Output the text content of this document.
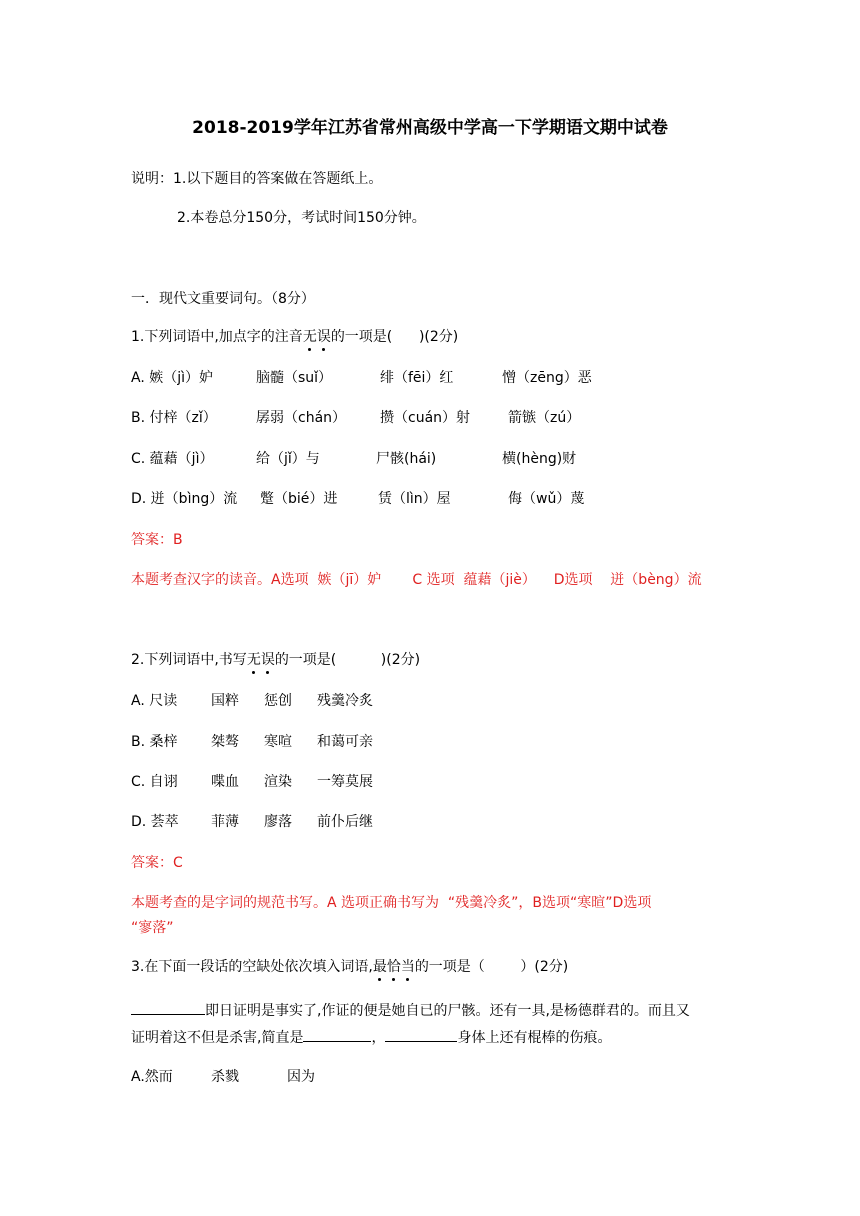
2018-2019学年江苏省常州高级中学高一下学期语文期中试卷
说明：1.以下题目的答案做在答题纸上。
2.本卷总分150分，考试时间150分钟。
一．现代文重要词句。（8分）
1.下列词语中,加点字的注音无误的一项是(      )(2分)
A. 嫉（jì）妒	脑髓（suǐ）	绯（fēi）红	憎（zēng）恶
B. 付梓（zǐ）	孱弱（chán） 攒（cuán）射	箭镞（zú）
C. 蕴藉（jì）	给（jǐ）与	尸骸(hái)	横(hèng)财
D. 迸（bìng）流 蹩（bié）进	赁（lìn）屋	侮（wǔ）蔑
答案：B
本题考查汉字的读音。A选项  嫉（jī）妒       C 选项  蕴藉（jiè）    D选项    迸（bèng）流
2.下列词语中,书写无误的一项是(          )(2分)
A. 尺读 国粹 惩创 残羹冷炙
B. 桑梓 桀骜 寒喧 和蔼可亲
C. 自诩 喋血 渲染 一筹莫展
D. 荟萃 菲薄 廖落 前仆后继
答案：C
本题考查的是字词的规范书写。A 选项正确书写为  “残羹冷炙”，B选项“寒暄”D选项
“寥落”
3.在下面一段话的空缺处依次填入词语,最恰当的一项是（        ）(2分)
即日证明是事实了,作证的便是她自已的尸骸。还有一具,是杨德群君的。而且又
证明着这不但是杀害,简直是	，	身体上还有棍棒的伤痕。
A.然而	杀戮	因为
